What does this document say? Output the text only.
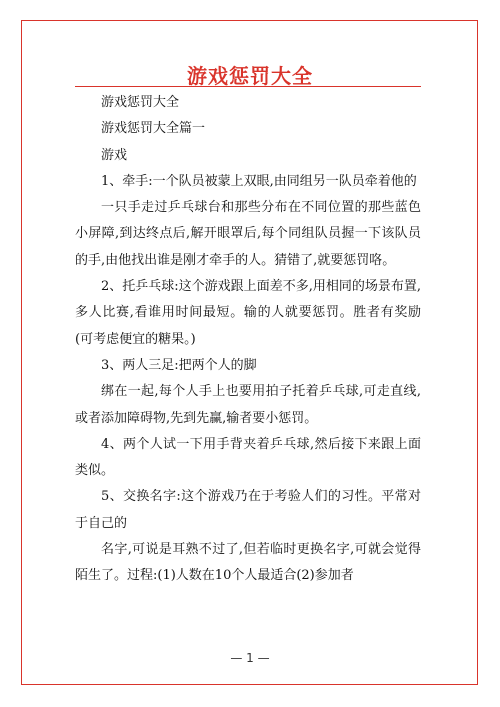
游戏惩罚大全

游戏惩罚大全

游戏惩罚大全篇一

游戏

1、牵手:一个队员被蒙上双眼,由同组另一队员牵着他的

一只手走过乒乓球台和那些分布在不同位置的那些蓝色小屏障,到达终点后,解开眼罩后,每个同组队员握一下该队员的手,由他找出谁是刚才牵手的人。猜错了,就要惩罚咯。

2、托乒乓球:这个游戏跟上面差不多,用相同的场景布置,多人比赛,看谁用时间最短。输的人就要惩罚。胜者有奖励(可考虑便宜的糖果。)

3、两人三足:把两个人的脚

绑在一起,每个人手上也要用拍子托着乒乓球,可走直线,或者添加障碍物,先到先赢,输者要小惩罚。

4、两个人试一下用手背夹着乒乓球,然后接下来跟上面类似。

5、交换名字:这个游戏乃在于考验人们的习性。平常对于自己的

名字,可说是耳熟不过了,但若临时更换名字,可就会觉得陌生了。过程:(1)人数在10个人最适合(2)参加者

— 1 —
